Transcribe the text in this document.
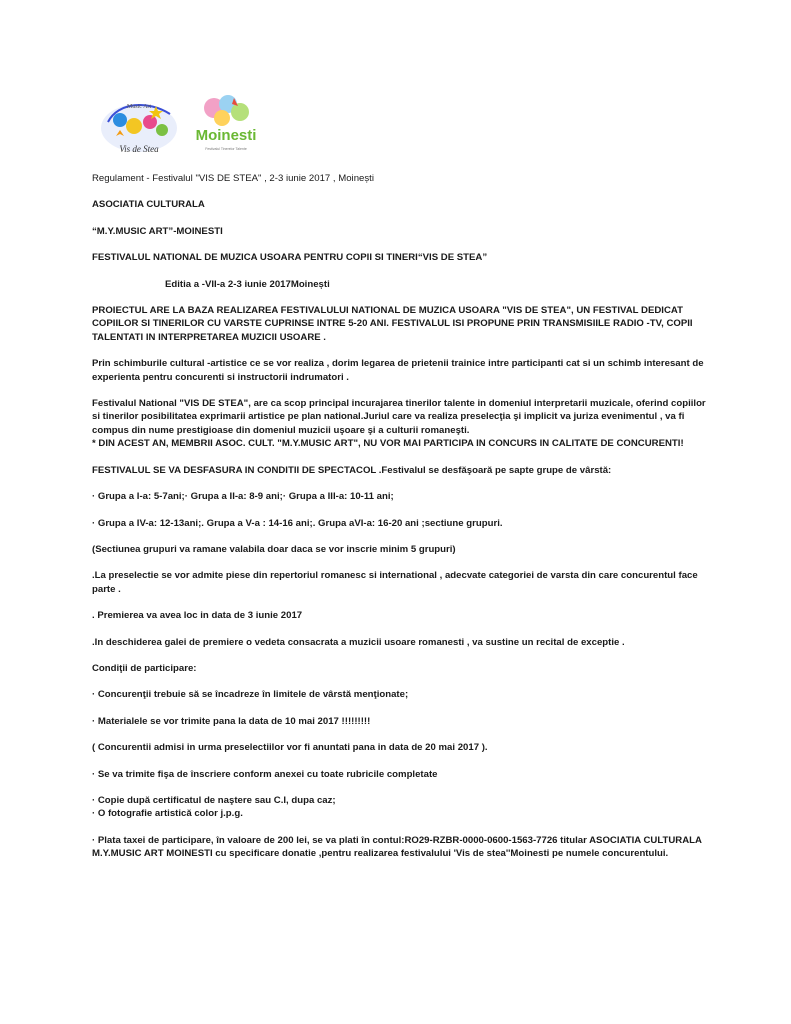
Music Art
Vis de Stea
Moinesti
Festivalul Tinerelor Talente

Regulament - Festivalul "VIS DE STEA" , 2-3 iunie 2017 , Moinești

ASOCIATIA CULTURALA

“M.Y.MUSIC ART”-MOINESTI

FESTIVALUL NATIONAL DE MUZICA USOARA PENTRU COPII SI TINERI“VIS DE STEA”

Editia a -VII-a 2-3 iunie 2017Moinești

PROIECTUL ARE LA BAZA REALIZAREA FESTIVALULUI NATIONAL DE MUZICA USOARA "VIS DE STEA", UN FESTIVAL DEDICAT COPIILOR SI TINERILOR CU VARSTE CUPRINSE INTRE 5-20 ANI. FESTIVALUL ISI PROPUNE PRIN TRANSMISIILE RADIO -TV, COPII TALENTATI IN INTERPRETAREA MUZICII USOARE .

Prin schimburile cultural -artistice ce se vor realiza , dorim legarea de prietenii trainice intre participanti cat si un schimb interesant de experienta pentru concurenti si instructorii indrumatori .

Festivalul National "VIS DE STEA", are ca scop principal incurajarea tinerilor talente in domeniul interpretarii muzicale, oferind copiilor si tinerilor posibilitatea exprimarii artistice pe plan national.Juriul care va realiza preselecţia şi implicit va juriza evenimentul , va fi compus din nume prestigioase din domeniul muzicii uşoare şi a culturii romaneşti.

* DIN ACEST AN, MEMBRII ASOC. CULT. "M.Y.MUSIC ART", NU VOR MAI PARTICIPA IN CONCURS IN CALITATE DE CONCURENTI!

FESTIVALUL SE VA DESFASURA IN CONDITII DE SPECTACOL .Festivalul se desfăşoară pe sapte grupe de vârstă:

· Grupa a I-a: 5-7ani;· Grupa a II-a: 8-9 ani;· Grupa a III-a: 10-11 ani;

· Grupa a IV-a: 12-13ani;. Grupa a V-a : 14-16 ani;. Grupa aVI-a: 16-20 ani ;sectiune grupuri.

(Sectiunea grupuri va ramane valabila doar daca se vor inscrie minim 5 grupuri)

.La preselectie se vor admite piese din repertoriul romanesc si international , adecvate categoriei de varsta din care concurentul face parte .

. Premierea va avea loc in data de 3 iunie 2017

.In deschiderea galei de premiere o vedeta consacrata a muzicii usoare romanesti , va sustine un recital de exceptie .

Condiţii de participare:

· Concurenţii trebuie să se încadreze în limitele de vârstă menţionate;

· Materialele se vor trimite pana la data de 10 mai 2017 !!!!!!!!!

( Concurentii admisi in urma preselectiilor vor fi anuntati pana in data de 20 mai 2017 ).

· Se va trimite fişa de înscriere conform anexei cu toate rubricile completate

· Copie după certificatul de naştere sau C.I, dupa caz;

· O fotografie artistică color j.p.g.

· Plata taxei de participare, în valoare de 200 lei, se va plati în contul:RO29-RZBR-0000-0600-1563-7726 titular ASOCIATIA CULTURALA M.Y.MUSIC ART MOINESTI cu specificare donatie ,pentru realizarea festivalului 'Vis de stea''Moinesti pe numele concurentului.
